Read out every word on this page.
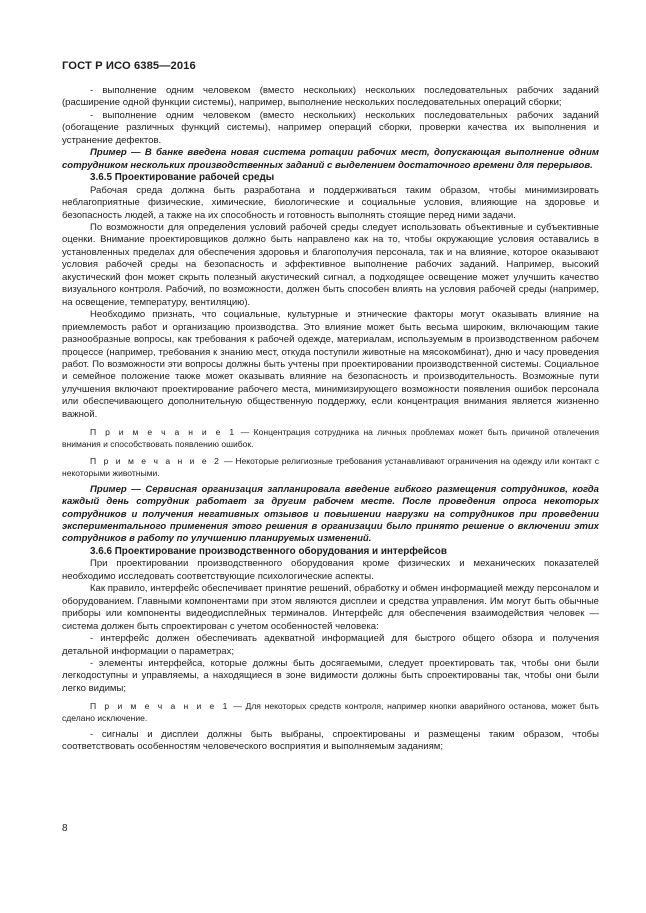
ГОСТ Р ИСО 6385—2016

- выполнение одним человеком (вместо нескольких) нескольких последовательных рабочих заданий (расширение одной функции системы), например, выполнение нескольких последовательных операций сборки;

- выполнение одним человеком (вместо нескольких) нескольких последовательных рабочих заданий (обогащение различных функций системы), например операций сборки, проверки качества их выполнения и устранение дефектов.

Пример — В банке введена новая система ротации рабочих мест, допускающая выполнение одним сотрудником нескольких производственных заданий с выделением достаточного времени для перерывов.

3.6.5 Проектирование рабочей среды

Рабочая среда должна быть разработана и поддерживаться таким образом, чтобы минимизировать неблагоприятные физические, химические, биологические и социальные условия, влияющие на здоровье и безопасность людей, а также на их способность и готовность выполнять стоящие перед ними задачи.

По возможности для определения условий рабочей среды следует использовать объективные и субъективные оценки. Внимание проектировщиков должно быть направлено как на то, чтобы окружающие условия оставались в установленных пределах для обеспечения здоровья и благополучия персонала, так и на влияние, которое оказывают условия рабочей среды на безопасность и эффективное выполнение рабочих заданий. Например, высокий акустический фон может скрыть полезный акустический сигнал, а подходящее освещение может улучшить качество визуального контроля. Рабочий, по возможности, должен быть способен влиять на условия рабочей среды (например, на освещение, температуру, вентиляцию).

Необходимо признать, что социальные, культурные и этнические факторы могут оказывать влияние на приемлемость работ и организацию производства. Это влияние может быть весьма широким, включающим такие разнообразные вопросы, как требования к рабочей одежде, материалам, используемым в производственном рабочем процессе (например, требования к знанию мест, откуда поступили животные на мясокомбинат), дню и часу проведения работ. По возможности эти вопросы должны быть учтены при проектировании производственной системы. Социальное и семейное положение также может оказывать влияние на безопасность и производительность. Возможные пути улучшения включают проектирование рабочего места, минимизирующего возможности появления ошибок персонала или обеспечивающего дополнительную общественную поддержку, если концентрация внимания является жизненно важной.

П р и м е ч а н и е 1 — Концентрация сотрудника на личных проблемах может быть причиной отвлечения внимания и способствовать появлению ошибок.

П р и м е ч а н и е 2 — Некоторые религиозные требования устанавливают ограничения на одежду или контакт с некоторыми животными.

Пример — Сервисная организация запланировала введение гибкого размещения сотрудников, когда каждый день сотрудник работает за другим рабочем месте. После проведения опроса некоторых сотрудников и получения негативных отзывов и повышении нагрузки на сотрудников при проведении экспериментального применения этого решения в организации было принято решение о включении этих сотрудников в работу по улучшению планируемых изменений.

3.6.6 Проектирование производственного оборудования и интерфейсов

При проектировании производственного оборудования кроме физических и механических показателей необходимо исследовать соответствующие психологические аспекты.

Как правило, интерфейс обеспечивает принятие решений, обработку и обмен информацией между персоналом и оборудованием. Главными компонентами при этом являются дисплеи и средства управления. Им могут быть обычные приборы или компоненты видеодисплейных терминалов. Интерфейс для обеспечения взаимодействия человек — система должен быть спроектирован с учетом особенностей человека:

- интерфейс должен обеспечивать адекватной информацией для быстрого общего обзора и получения детальной информации о параметрах;

- элементы интерфейса, которые должны быть досягаемыми, следует проектировать так, чтобы они были легкодоступны и управляемы, а находящиеся в зоне видимости должны быть спроектированы так, чтобы они были легко видимы;

П р и м е ч а н и е 1 — Для некоторых средств контроля, например кнопки аварийного останова, может быть сделано исключение.

- сигналы и дисплеи должны быть выбраны, спроектированы и размещены таким образом, чтобы соответствовать особенностям человеческого восприятия и выполняемым заданиям;

8
